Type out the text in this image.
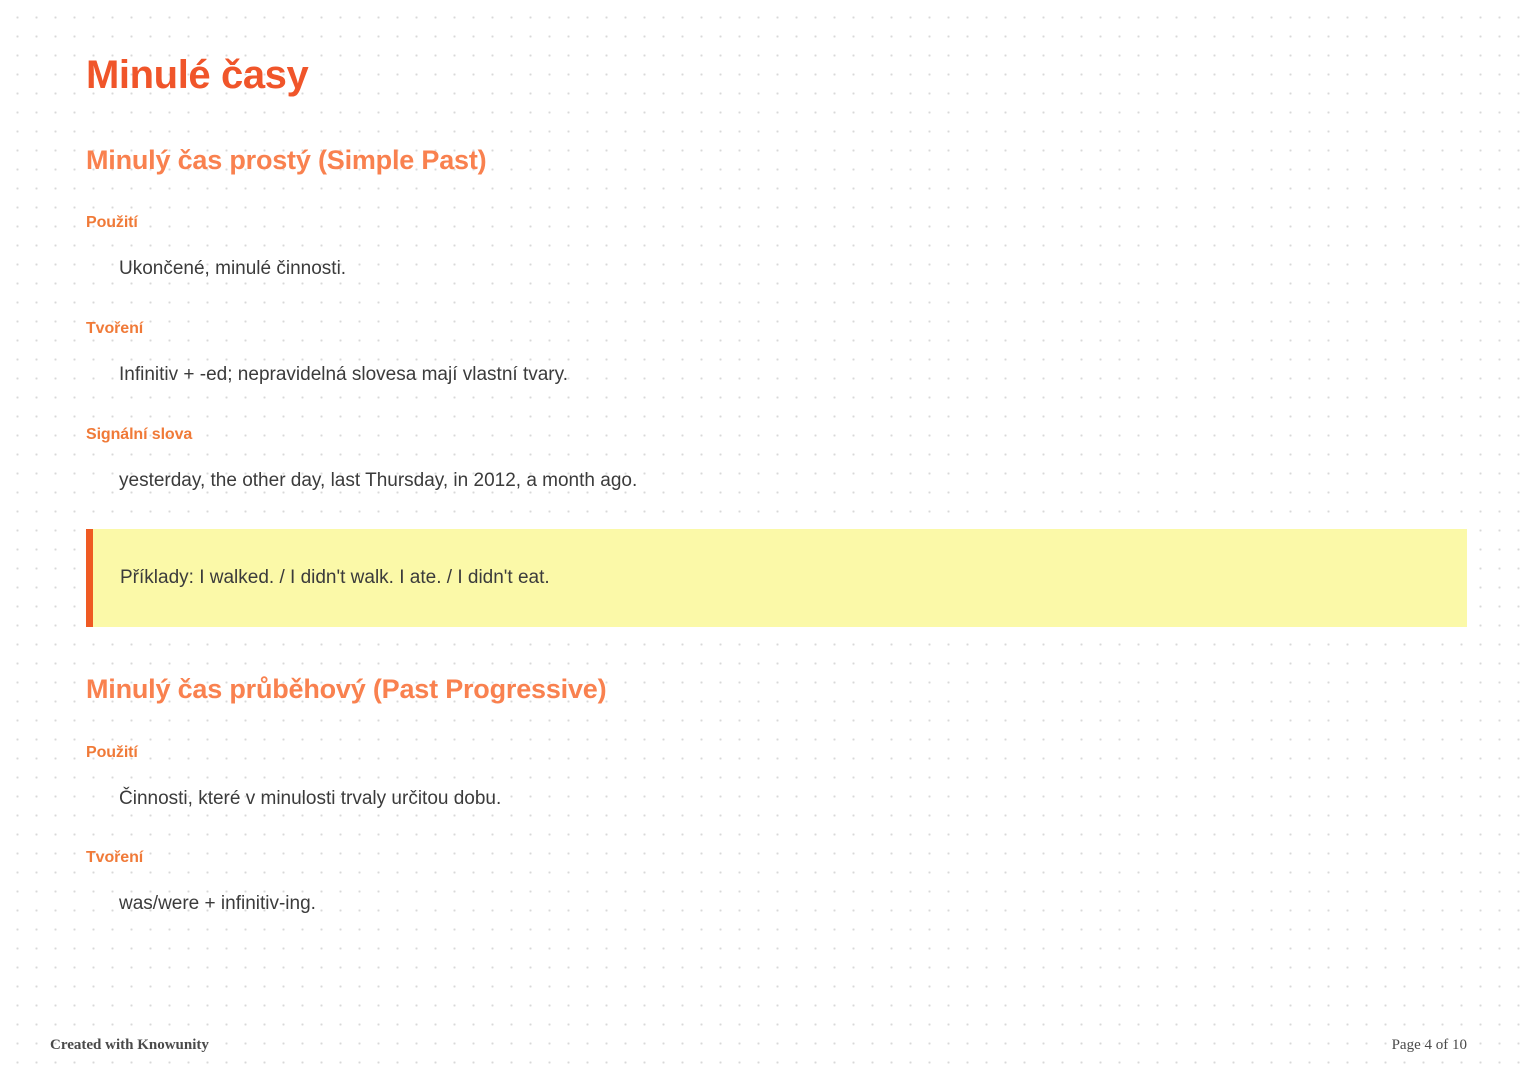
Minulé časy
Minulý čas prostý (Simple Past)
Použití

Ukončené, minulé činnosti.

Tvoření

Infinitiv + -ed; nepravidelná slovesa mají vlastní tvary.

Signální slova

yesterday, the other day, last Thursday, in 2012, a month ago.

Příklady: I walked. / I didn't walk. I ate. / I didn't eat.

Minulý čas průběhový (Past Progressive)
Použití

Činnosti, které v minulosti trvaly určitou dobu.

Tvoření

was/were + infinitiv-ing.

Created with Knowunity	Page 4 of 10
